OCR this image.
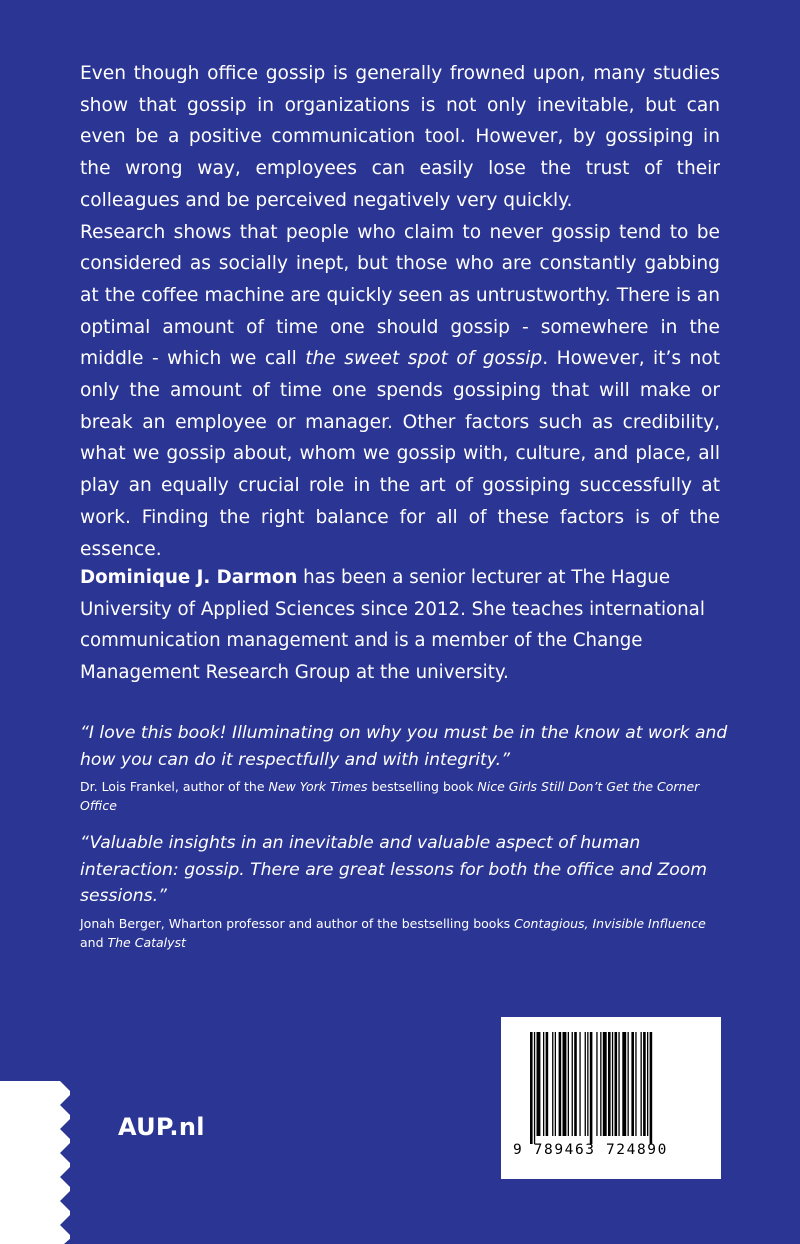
Even though office gossip is generally frowned upon, many studies show that gossip in organizations is not only inevitable, but can even be a positive communication tool. However, by gossiping in the wrong way, employees can easily lose the trust of their colleagues and be perceived negatively very quickly.

Research shows that people who claim to never gossip tend to be considered as socially inept, but those who are constantly gabbing at the coffee machine are quickly seen as untrustworthy. There is an optimal amount of time one should gossip - somewhere in the middle - which we call the sweet spot of gossip. However, it’s not only the amount of time one spends gossiping that will make or break an employee or manager. Other factors such as credibility, what we gossip about, whom we gossip with, culture, and place, all play an equally crucial role in the art of gossiping successfully at work. Finding the right balance for all of these factors is of the essence.

Dominique J. Darmon has been a senior lecturer at The Hague University of Applied Sciences since 2012. She teaches international communication management and is a member of the Change Management Research Group at the university.

“I love this book! Illuminating on why you must be in the know at work and how you can do it respectfully and with integrity.”

Dr. Lois Frankel, author of the New York Times bestselling book Nice Girls Still Don’t Get the Corner Office

“Valuable insights in an inevitable and valuable aspect of human interaction: gossip. There are great lessons for both the office and Zoom sessions.”

Jonah Berger, Wharton professor and author of the bestselling books Contagious, Invisible Influence and The Catalyst

AUP.nl
9 789463 724890
